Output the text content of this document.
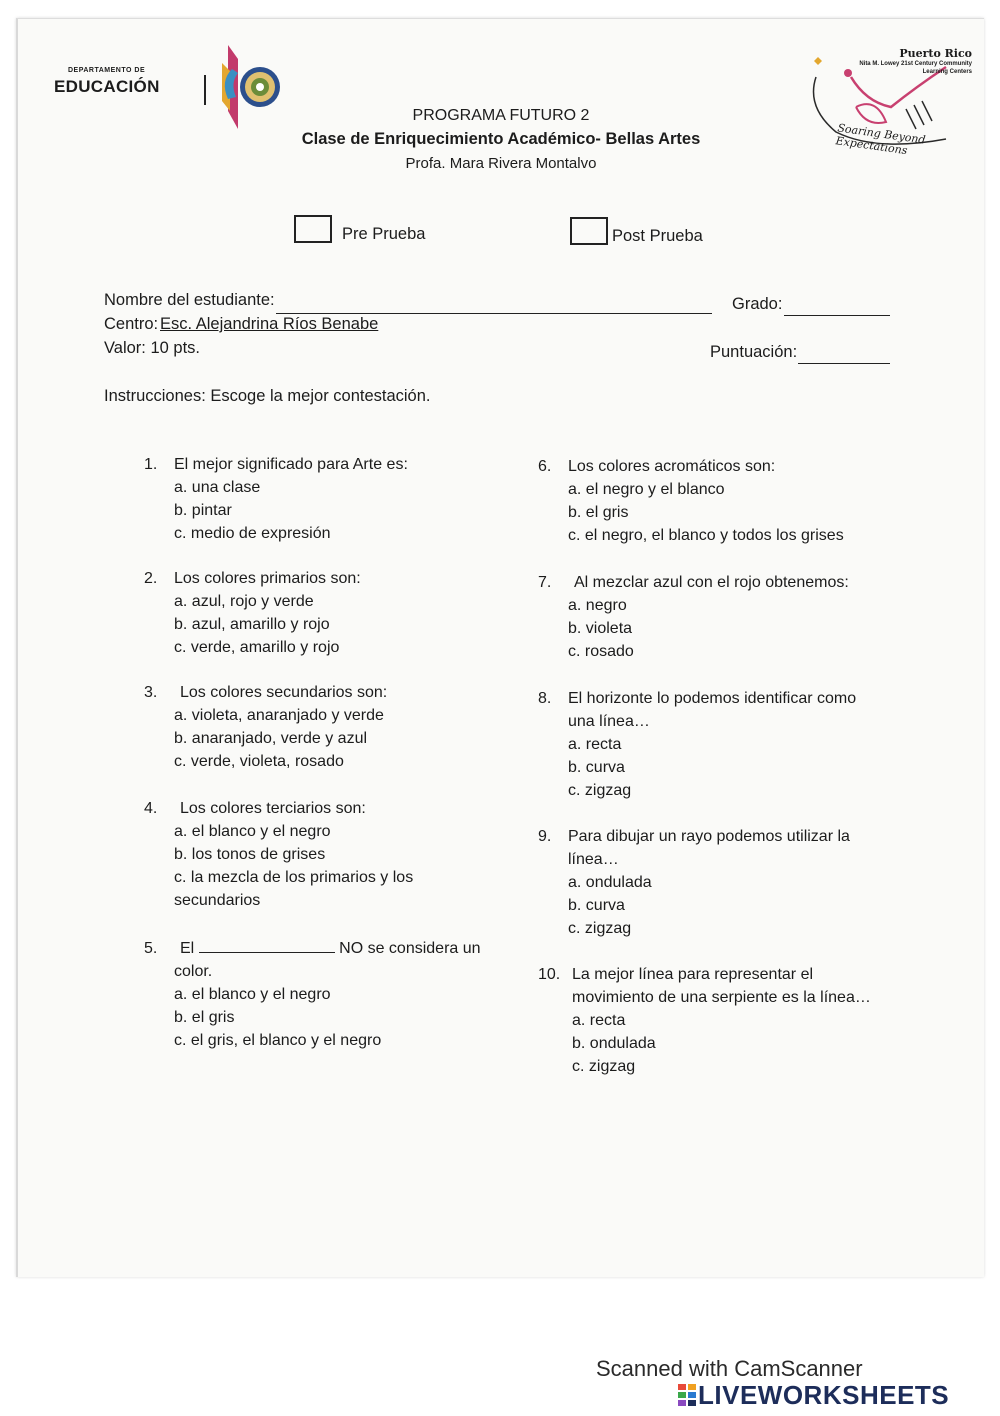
DEPARTAMENTO DE
EDUCACIÓN
Puerto Rico
Nita M. Lowey 21st Century Community
Learning Centers
Soaring Beyond Expectations
PROGRAMA FUTURO 2
Clase de Enriquecimiento Académico- Bellas Artes
Profa. Mara Rivera Montalvo
Pre Prueba	Post Prueba
Nombre del estudiante:	Grado:
Centro: Esc. Alejandrina Ríos Benabe
Valor: 10 pts.	Puntuación:
Instrucciones: Escoge la mejor contestación.
1. El mejor significado para Arte es:
a. una clase
b. pintar
c. medio de expresión
2. Los colores primarios son:
a. azul, rojo y verde
b. azul, amarillo y rojo
c. verde, amarillo y rojo
3. Los colores secundarios son:
a. violeta, anaranjado y verde
b. anaranjado, verde y azul
c. verde, violeta, rosado
4. Los colores terciarios son:
a. el blanco y el negro
b. los tonos de grises
c. la mezcla de los primarios y los
secundarios
5. El	NO se considera un
color.
a. el blanco y el negro
b. el gris
c. el gris, el blanco y el negro
6. Los colores acromáticos son:
a. el negro y el blanco
b. el gris
c. el negro, el blanco y todos los grises
7. Al mezclar azul con el rojo obtenemos:
a. negro
b. violeta
c. rosado
8. El horizonte lo podemos identificar como
una línea…
a. recta
b. curva
c. zigzag
9. Para dibujar un rayo podemos utilizar la
línea…
a. ondulada
b. curva
c. zigzag
10. La mejor línea para representar el
movimiento de una serpiente es la línea…
a. recta
b. ondulada
c. zigzag
Scanned with CamScanner
LIVEWORKSHEETS
